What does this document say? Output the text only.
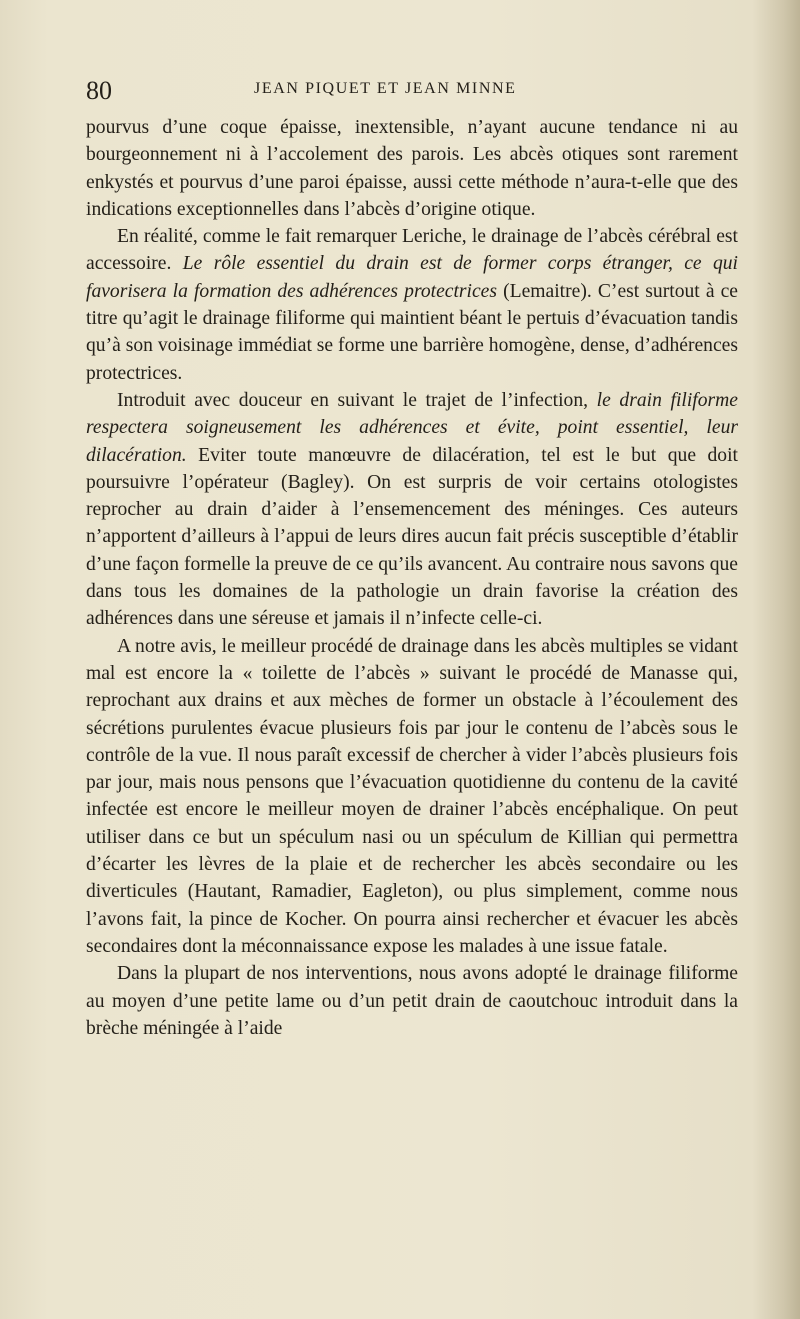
80	JEAN PIQUET ET JEAN MINNE

pourvus d’une coque épaisse, inextensible, n’ayant aucune tendance ni au bourgeonnement ni à l’accolement des parois. Les abcès otiques sont rarement enkystés et pourvus d’une paroi épaisse, aussi cette méthode n’aura-t-elle que des indications exceptionnelles dans l’abcès d’origine otique.

En réalité, comme le fait remarquer Leriche, le drainage de l’abcès cérébral est accessoire. Le rôle essentiel du drain est de former corps étranger, ce qui favorisera la formation des adhérences protectrices (Lemaitre). C’est surtout à ce titre qu’agit le drainage filiforme qui maintient béant le pertuis d’évacuation tandis qu’à son voisinage immédiat se forme une barrière homogène, dense, d’adhérences protectrices.

Introduit avec douceur en suivant le trajet de l’infection, le drain filiforme respectera soigneusement les adhérences et évite, point essentiel, leur dilacération. Eviter toute manœuvre de dilacération, tel est le but que doit poursuivre l’opérateur (Bagley). On est surpris de voir certains otologistes reprocher au drain d’aider à l’ensemencement des méninges. Ces auteurs n’apportent d’ailleurs à l’appui de leurs dires aucun fait précis susceptible d’établir d’une façon formelle la preuve de ce qu’ils avancent. Au contraire nous savons que dans tous les domaines de la pathologie un drain favorise la création des adhérences dans une séreuse et jamais il n’infecte celle-ci.

A notre avis, le meilleur procédé de drainage dans les abcès multiples se vidant mal est encore la « toilette de l’abcès » suivant le procédé de Manasse qui, reprochant aux drains et aux mèches de former un obstacle à l’écoulement des sécrétions purulentes évacue plusieurs fois par jour le contenu de l’abcès sous le contrôle de la vue. Il nous paraît excessif de chercher à vider l’abcès plusieurs fois par jour, mais nous pensons que l’évacuation quotidienne du contenu de la cavité infectée est encore le meilleur moyen de drainer l’abcès encéphalique. On peut utiliser dans ce but un spéculum nasi ou un spéculum de Killian qui permettra d’écarter les lèvres de la plaie et de rechercher les abcès secondaire ou les diverticules (Hautant, Ramadier, Eagleton), ou plus simplement, comme nous l’avons fait, la pince de Kocher. On pourra ainsi rechercher et évacuer les abcès secondaires dont la méconnaissance expose les malades à une issue fatale.

Dans la plupart de nos interventions, nous avons adopté le drainage filiforme au moyen d’une petite lame ou d’un petit drain de caoutchouc introduit dans la brèche méningée à l’aide
